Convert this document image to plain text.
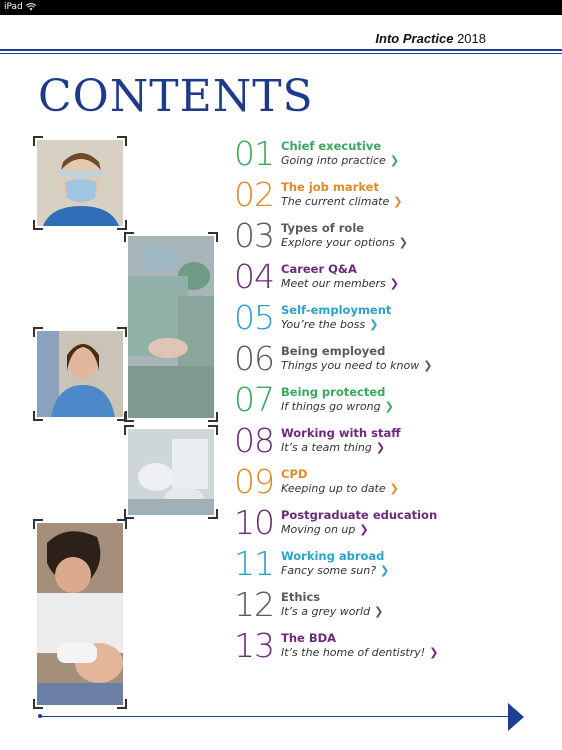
iPad
Into Practice 2018
CONTENTS
01 Chief executive
Going into practice ❯
02 The job market
The current climate ❯
03 Types of role
Explore your options ❯
04 Career Q&A
Meet our members ❯
05 Self-employment
You’re the boss ❯
06 Being employed
Things you need to know ❯
07 Being protected
If things go wrong ❯
08 Working with staff
It’s a team thing ❯
09 CPD
Keeping up to date ❯
10 Postgraduate education
Moving on up ❯
11 Working abroad
Fancy some sun? ❯
12 Ethics
It’s a grey world ❯
13 The BDA
It’s the home of dentistry! ❯
